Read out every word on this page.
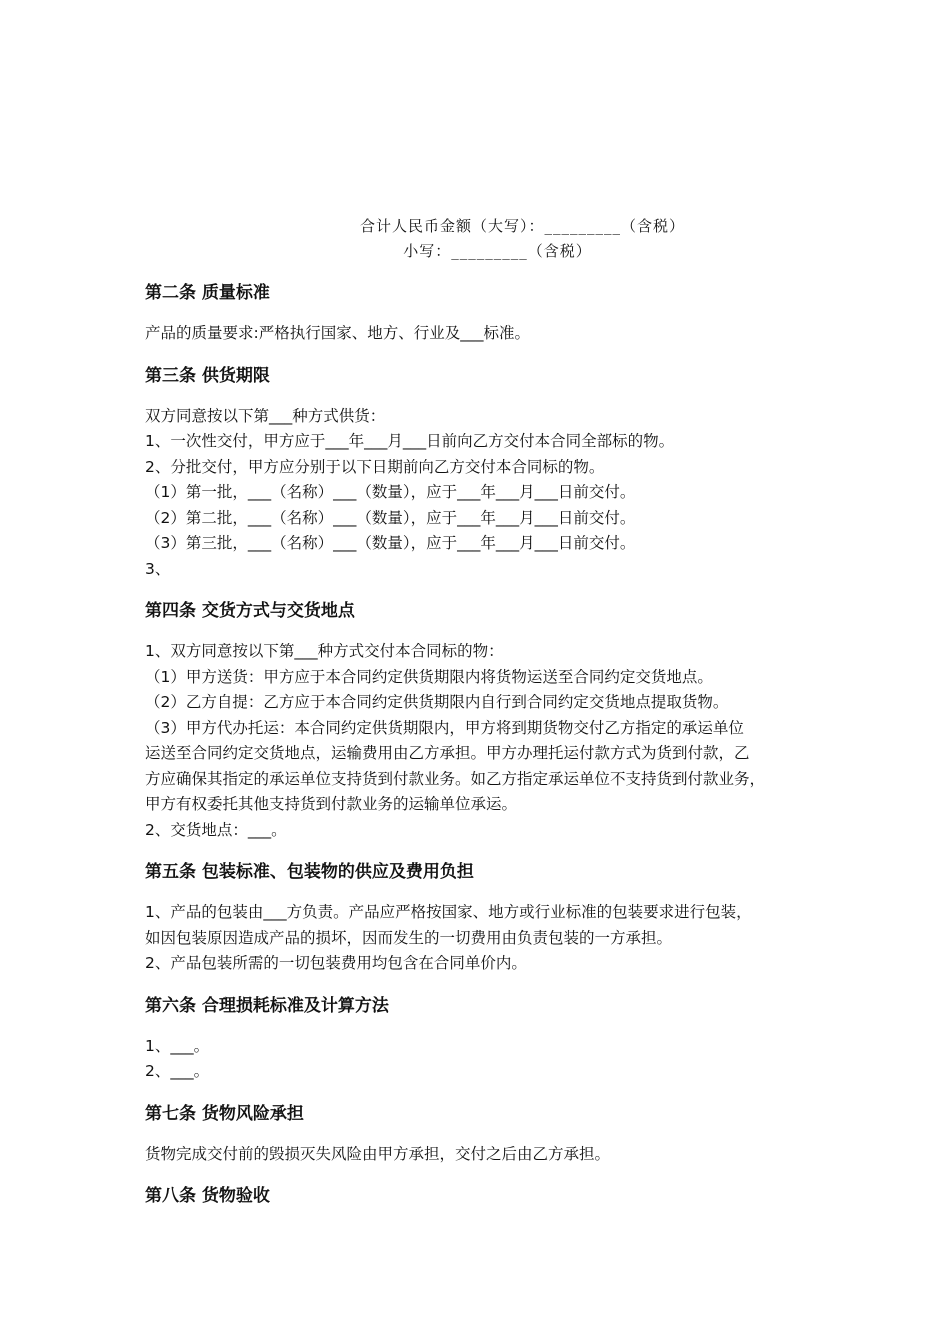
合计人民币金额（大写）：_________（含税）
小写：_________（含税）

第二条 质量标准

产品的质量要求:严格执行国家、地方、行业及___标准。

第三条 供货期限

双方同意按以下第___种方式供货：

1、一次性交付，甲方应于___年___月___日前向乙方交付本合同全部标的物。

2、分批交付，甲方应分别于以下日期前向乙方交付本合同标的物。

（1）第一批，___（名称）___（数量），应于___年___月___日前交付。

（2）第二批，___（名称）___（数量），应于___年___月___日前交付。

（3）第三批，___（名称）___（数量），应于___年___月___日前交付。

3、

第四条 交货方式与交货地点

1、双方同意按以下第___种方式交付本合同标的物：

（1）甲方送货：甲方应于本合同约定供货期限内将货物运送至合同约定交货地点。

（2）乙方自提：乙方应于本合同约定供货期限内自行到合同约定交货地点提取货物。

（3）甲方代办托运：本合同约定供货期限内，甲方将到期货物交付乙方指定的承运单位

运送至合同约定交货地点，运输费用由乙方承担。甲方办理托运付款方式为货到付款，乙

方应确保其指定的承运单位支持货到付款业务。如乙方指定承运单位不支持货到付款业务，

甲方有权委托其他支持货到付款业务的运输单位承运。

2、交货地点：___。

第五条 包装标准、包装物的供应及费用负担

1、产品的包装由___方负责。产品应严格按国家、地方或行业标准的包装要求进行包装，

如因包装原因造成产品的损坏，因而发生的一切费用由负责包装的一方承担。

2、产品包装所需的一切包装费用均包含在合同单价内。

第六条 合理损耗标准及计算方法

1、___。

2、___。

第七条 货物风险承担

货物完成交付前的毁损灭失风险由甲方承担，交付之后由乙方承担。

第八条 货物验收
